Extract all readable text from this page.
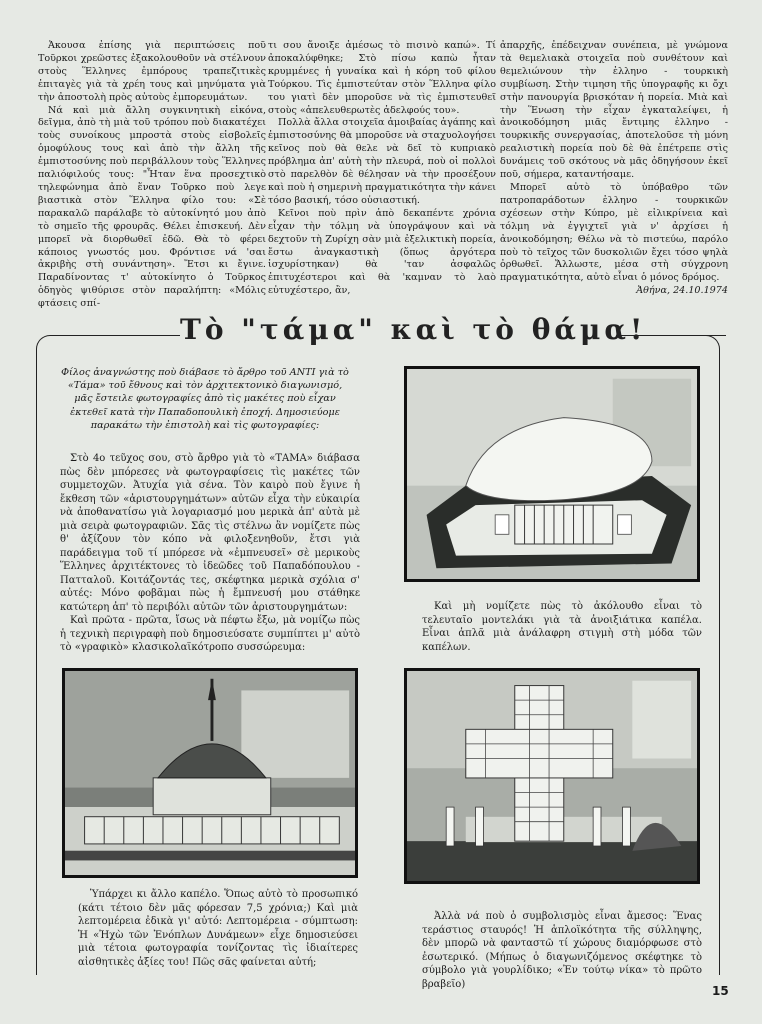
Ἀκουσα ἐπίσης γιὰ περιπτώσεις ποῦ Τοῦρκοι χρεῶστες ἐξακολουθοῦν νὰ στέλνουν στοὺς Ἕλληνες ἐμπόρους τραπεζιτικὲς ἐπιταγὲς γιὰ τὰ χρέη τους καὶ μηνύματα γιὰ τὴν ἀποστολὴ πρὸς αὐτοὺς ἐμπορευμάτων.

Νά καὶ μιὰ ἄλλη συγκινητικὴ εἰκόνα, δεῖγμα, ἀπὸ τὴ μιὰ τοῦ τρόπου ποὺ διακατέχει τοὺς συνοίκους μπροστὰ στοὺς εἰσβολεῖς ὁμοφύλους τους καὶ ἀπὸ τὴν ἄλλη τῆς ἐμπιστοσύνης ποὺ περιβάλλουν τοὺς Ἕλληνες παλιόφιλούς τους: "Ἦταν ἕνα προσεχτικὸ τηλεφώνημα ἀπὸ ἕναν Τοῦρκο ποὺ λεγε βιαστικὰ στὸν Ἕλληνα φίλο του: «Σὲ παρακαλῶ παράλαβε τὸ αὐτοκίνητό μου ἀπὸ τὸ σημεῖο τῆς φρουρᾶς. Θέλει ἐπισκευή. Δὲν μπορεῖ νὰ διορθωθεῖ ἐδῶ. Θὰ τὸ φέρει κάποιος γνωστός μου. Φρόντισε νά 'σαι ἀκριβὴς στὴ συνάντηση». Ἔτσι κι ἔγινε. Παραδίνοντας τ' αὐτοκίνητο ὁ Τοῦρκος ὁδηγὸς ψιθύρισε στὸν παραλήπτη: «Μόλις φτάσεις σπί-

τι σου ἄνοιξε ἀμέσως τὸ πισινὸ καπώ». Τί ἀποκαλύφθηκε; Στὸ πίσω καπὼ ἦταν κρυμμένες ἡ γυναίκα καὶ ἡ κόρη τοῦ φίλου Τούρκου. Τὶς ἐμπιστεύταν στὸν Ἕλληνα φίλο του γιατὶ δὲν μποροῦσε νὰ τὶς ἐμπιστευθεῖ στοὺς «ἀπελευθερωτὲς ἀδελφούς του».

Πολλὰ ἄλλα στοιχεῖα ἀμοιβαίας ἀγάπης καὶ ἐμπιστοσύνης θὰ μποροῦσε νὰ σταχυολογήσει κεῖνος ποὺ θὰ θελε νὰ δεῖ τὸ κυπριακὸ πρόβλημα ἀπ' αὐτὴ τὴν πλευρά, ποὺ οἱ πολλοὶ στὸ παρελθὸν δὲ θέλησαν νὰ τὴν προσέξουν καὶ ποὺ ἡ σημερινὴ πραγματικότητα τὴν κάνει τόσο βασική, τόσο οὐσιαστική.

Κεῖνοι ποὺ πρὶν ἀπὸ δεκαπέντε χρόνια εἶχαν τὴν τόλμη νὰ ὑπογράψουν καὶ νὰ δεχτοῦν τὴ Ζυρίχη σὰν μιὰ ἐξελικτικὴ πορεία, ἔστω ἀναγκαστικὴ (ὅπως ἀργότερα ἰσχυρίστηκαν) θὰ 'ταν ἀσφαλῶς ἐπιτυχέστεροι καὶ θὰ 'καμναν τὸ λαὸ εὐτυχέστερο, ἂν,

ἀπαρχῆς, ἐπέδειχναν συνέπεια, μὲ γνώμονα τὰ θεμελιακὰ στοιχεῖα ποὺ συνθέτουν καὶ θεμελιώνουν τὴν ἑλληνο - τουρκικὴ συμβίωση. Στὴν τιμηση τῆς ὑπογραφῆς κι ὄχι στὴν πανουργία βρισκόταν ἡ πορεία. Μιὰ καὶ τὴν Ἕνωση τὴν εἶχαν ἐγκαταλείψει, ἡ ἀνοικοδόμηση μιᾶς ἔντιμης ἑλληνο - τουρκικῆς συνεργασίας, ἀποτελοῦσε τὴ μόνη ρεαλιστικὴ πορεία ποὺ δὲ θὰ ἐπέτρεπε στὶς δυνάμεις τοῦ σκότους νὰ μᾶς ὁδηγήσουν ἐκεῖ ποῦ, σήμερα, καταντήσαμε.

Μπορεῖ αὐτὸ τὸ ὑπόβαθρο τῶν πατροπαράδοτων ἑλληνο - τουρκικῶν σχέσεων στὴν Κύπρο, μὲ εἰλικρίνεια καὶ τόλμη νὰ ἐγγιχτεῖ γιὰ ν' ἀρχίσει ἡ ἀνοικοδόμηση; Θέλω νὰ τὸ πιστεύω, παρόλο ποὺ τὸ τεῖχος τῶν δυσκολιῶν ἔχει τόσο ψηλὰ ὀρθωθεῖ. Ἄλλωστε, μέσα στὴ σύγχρονη πραγματικότητα, αὐτὸ εἶναι ὁ μόνος δρόμος.

Ἀθήνα, 24.10.1974

Τὸ "τάμα" καὶ τὸ θάμα!
Φίλος ἀναγνώστης ποὺ διάβασε τὸ ἄρθρο τοῦ ANTI γιὰ τὸ «Τάμα» τοῦ ἔθνους καὶ τὸν ἀρχιτεκτονικὸ διαγωνισμό, μᾶς ἔστειλε φωτογραφίες ἀπὸ τὶς μακέτες ποὺ εἶχαν ἐκτεθεῖ κατὰ τὴν Παπαδοπουλικὴ ἐποχή. Δημοσιεύομε παρακάτω τὴν ἐπιστολὴ καὶ τὶς φωτογραφίες:

Στὸ 4ο τεῦχος σου, στὸ ἄρθρο γιὰ τὸ «ΤΑΜΑ» διάβασα πὼς δὲν μπόρεσες νὰ φωτογραφίσεις τὶς μακέτες τῶν συμμετοχῶν. Ἀτυχία γιὰ σένα. Τὸν καιρὸ ποὺ ἔγινε ἡ ἔκθεση τῶν «ἀριστουργημάτων» αὐτῶν εἶχα τὴν εὐκαιρία νὰ ἀποθανατίσω γιὰ λογαριασμό μου μερικὰ ἀπ' αὐτὰ μὲ μιὰ σειρὰ φωτογραφιῶν. Σᾶς τὶς στέλνω ἂν νομίζετε πὼς θ' ἀξίζουν τὸν κόπο νὰ φιλοξενηθοῦν, ἔτσι γιὰ παράδειγμα τοῦ τί μπόρεσε νὰ «ἐμπνευσεῖ» σὲ μερικοὺς Ἕλληνες ἀρχιτέκτονες τὸ ἰδεῶδες τοῦ Παπαδόπουλου - Πατταλοῦ. Κοιτάζοντάς τες, σκέφτηκα μερικὰ σχόλια σ' αὐτές: Μόνο φοβᾶμαι πὼς ἡ ἔμπνευσή μου στάθηκε κατώτερη ἀπ' τὸ περιβόλι αὐτῶν τῶν ἀριστουργημάτων:

Καὶ πρῶτα - πρῶτα, ἴσως νὰ πέφτω ἔξω, μὰ νομίζω πὼς ἡ τεχνικὴ περιγραφὴ ποὺ δημοσιεύσατε συμπίπτει μ' αὐτὸ τὸ «γραφικὸ» κλασικολαϊκότροπο συσσώρευμα:

Καὶ μὴ νομίζετε πὼς τὸ ἀκόλουθο εἶναι τὸ τελευταῖο μοντελάκι γιὰ τὰ ἀνοιξιάτικα καπέλα. Εἶναι ἁπλᾶ μιὰ ἀνάλαφρη στιγμὴ στὴ μόδα τῶν καπέλων.

Ὑπάρχει κι ἄλλο καπέλο. Ὅπως αὐτὸ τὸ προσωπικό (κάτι τέτοιο δὲν μᾶς φόρεσαν 7,5 χρόνια;) Καὶ μιὰ λεπτομέρεια ἐδικὰ γι' αὐτό: Λεπτομέρεια - σύμπτωση: Ἡ «Ἠχὼ τῶν Ἐνόπλων Δυνάμεων» εἶχε δημοσιεύσει μιὰ τέτοια φωτογραφία τονίζοντας τὶς ἰδιαίτερες αἰσθητικὲς ἀξίες του! Πῶς σᾶς φαίνεται αὐτή;

Ἀλλὰ νά ποὺ ὁ συμβολισμὸς εἶναι ἄμεσος: Ἕνας τεράστιος σταυρός! Ἡ ἁπλοϊκότητα τῆς σύλληψης, δὲν μπορῶ νὰ φανταστῶ τί χώρους διαμόρφωσε στὸ ἐσωτερικό. (Μήπως ὁ διαγωνιζόμενος σκέφτηκε τὸ σύμβολο γιὰ γουρλίδικο; «Ἐν τούτῳ νίκα» τὸ πρῶτο βραβεῖο)	15
